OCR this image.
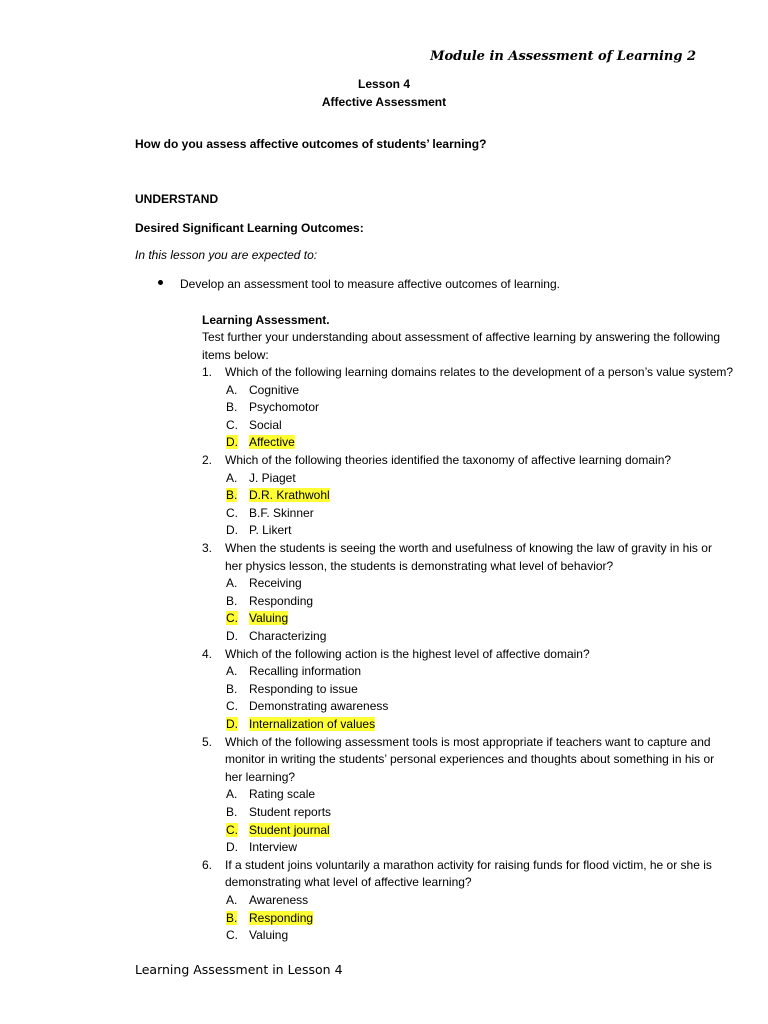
Module in Assessment of Learning 2
Lesson 4
Affective Assessment
How do you assess affective outcomes of students’ learning?
UNDERSTAND
Desired Significant Learning Outcomes:
In this lesson you are expected to:
Develop an assessment tool to measure affective outcomes of learning.
Learning Assessment.
Test further your understanding about assessment of affective learning by answering the following
items below:
1. Which of the following learning domains relates to the development of a person’s value system?
A. Cognitive
B. Psychomotor
C. Social
D. Affective
2. Which of the following theories identified the taxonomy of affective learning domain?
A. J. Piaget
B. D.R. Krathwohl
C. B.F. Skinner
D. P. Likert
3. When the students is seeing the worth and usefulness of knowing the law of gravity in his or
her physics lesson, the students is demonstrating what level of behavior?
A. Receiving
B. Responding
C. Valuing
D. Characterizing
4. Which of the following action is the highest level of affective domain?
A. Recalling information
B. Responding to issue
C. Demonstrating awareness
D. Internalization of values
5. Which of the following assessment tools is most appropriate if teachers want to capture and
monitor in writing the students’ personal experiences and thoughts about something in his or
her learning?
A. Rating scale
B. Student reports
C. Student journal
D. Interview
6. If a student joins voluntarily a marathon activity for raising funds for flood victim, he or she is
demonstrating what level of affective learning?
A. Awareness
B. Responding
C. Valuing
Learning Assessment in Lesson 4
